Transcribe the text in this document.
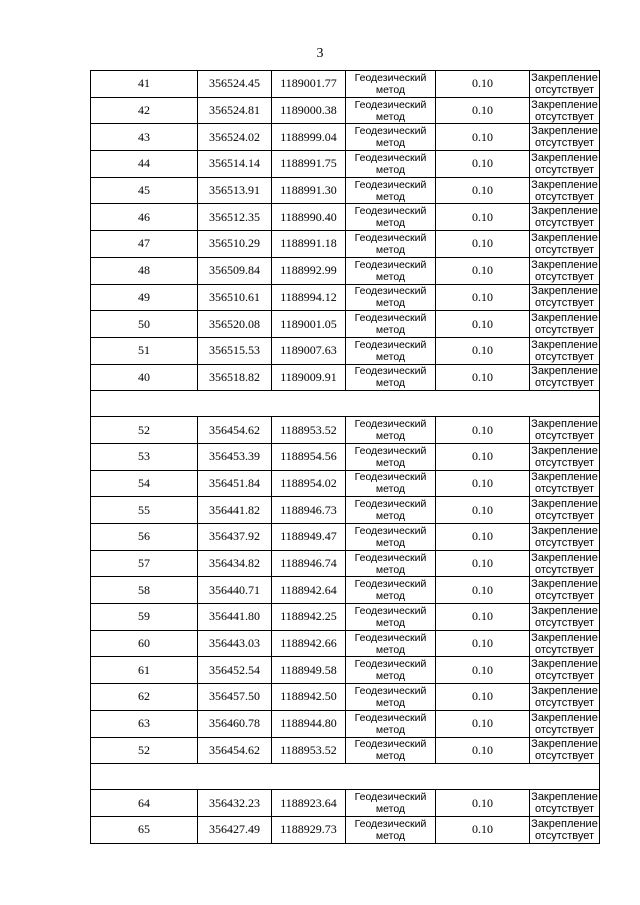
3
41	356524.45	1189001.77	Геодезический метод	0.10	Закрепление отсутствует
42	356524.81	1189000.38	Геодезический метод	0.10	Закрепление отсутствует
43	356524.02	1188999.04	Геодезический метод	0.10	Закрепление отсутствует
44	356514.14	1188991.75	Геодезический метод	0.10	Закрепление отсутствует
45	356513.91	1188991.30	Геодезический метод	0.10	Закрепление отсутствует
46	356512.35	1188990.40	Геодезический метод	0.10	Закрепление отсутствует
47	356510.29	1188991.18	Геодезический метод	0.10	Закрепление отсутствует
48	356509.84	1188992.99	Геодезический метод	0.10	Закрепление отсутствует
49	356510.61	1188994.12	Геодезический метод	0.10	Закрепление отсутствует
50	356520.08	1189001.05	Геодезический метод	0.10	Закрепление отсутствует
51	356515.53	1189007.63	Геодезический метод	0.10	Закрепление отсутствует
40	356518.82	1189009.91	Геодезический метод	0.10	Закрепление отсутствует

52	356454.62	1188953.52	Геодезический метод	0.10	Закрепление отсутствует
53	356453.39	1188954.56	Геодезический метод	0.10	Закрепление отсутствует
54	356451.84	1188954.02	Геодезический метод	0.10	Закрепление отсутствует
55	356441.82	1188946.73	Геодезический метод	0.10	Закрепление отсутствует
56	356437.92	1188949.47	Геодезический метод	0.10	Закрепление отсутствует
57	356434.82	1188946.74	Геодезический метод	0.10	Закрепление отсутствует
58	356440.71	1188942.64	Геодезический метод	0.10	Закрепление отсутствует
59	356441.80	1188942.25	Геодезический метод	0.10	Закрепление отсутствует
60	356443.03	1188942.66	Геодезический метод	0.10	Закрепление отсутствует
61	356452.54	1188949.58	Геодезический метод	0.10	Закрепление отсутствует
62	356457.50	1188942.50	Геодезический метод	0.10	Закрепление отсутствует
63	356460.78	1188944.80	Геодезический метод	0.10	Закрепление отсутствует
52	356454.62	1188953.52	Геодезический метод	0.10	Закрепление отсутствует

64	356432.23	1188923.64	Геодезический метод	0.10	Закрепление отсутствует
65	356427.49	1188929.73	Геодезический метод	0.10	Закрепление отсутствует
